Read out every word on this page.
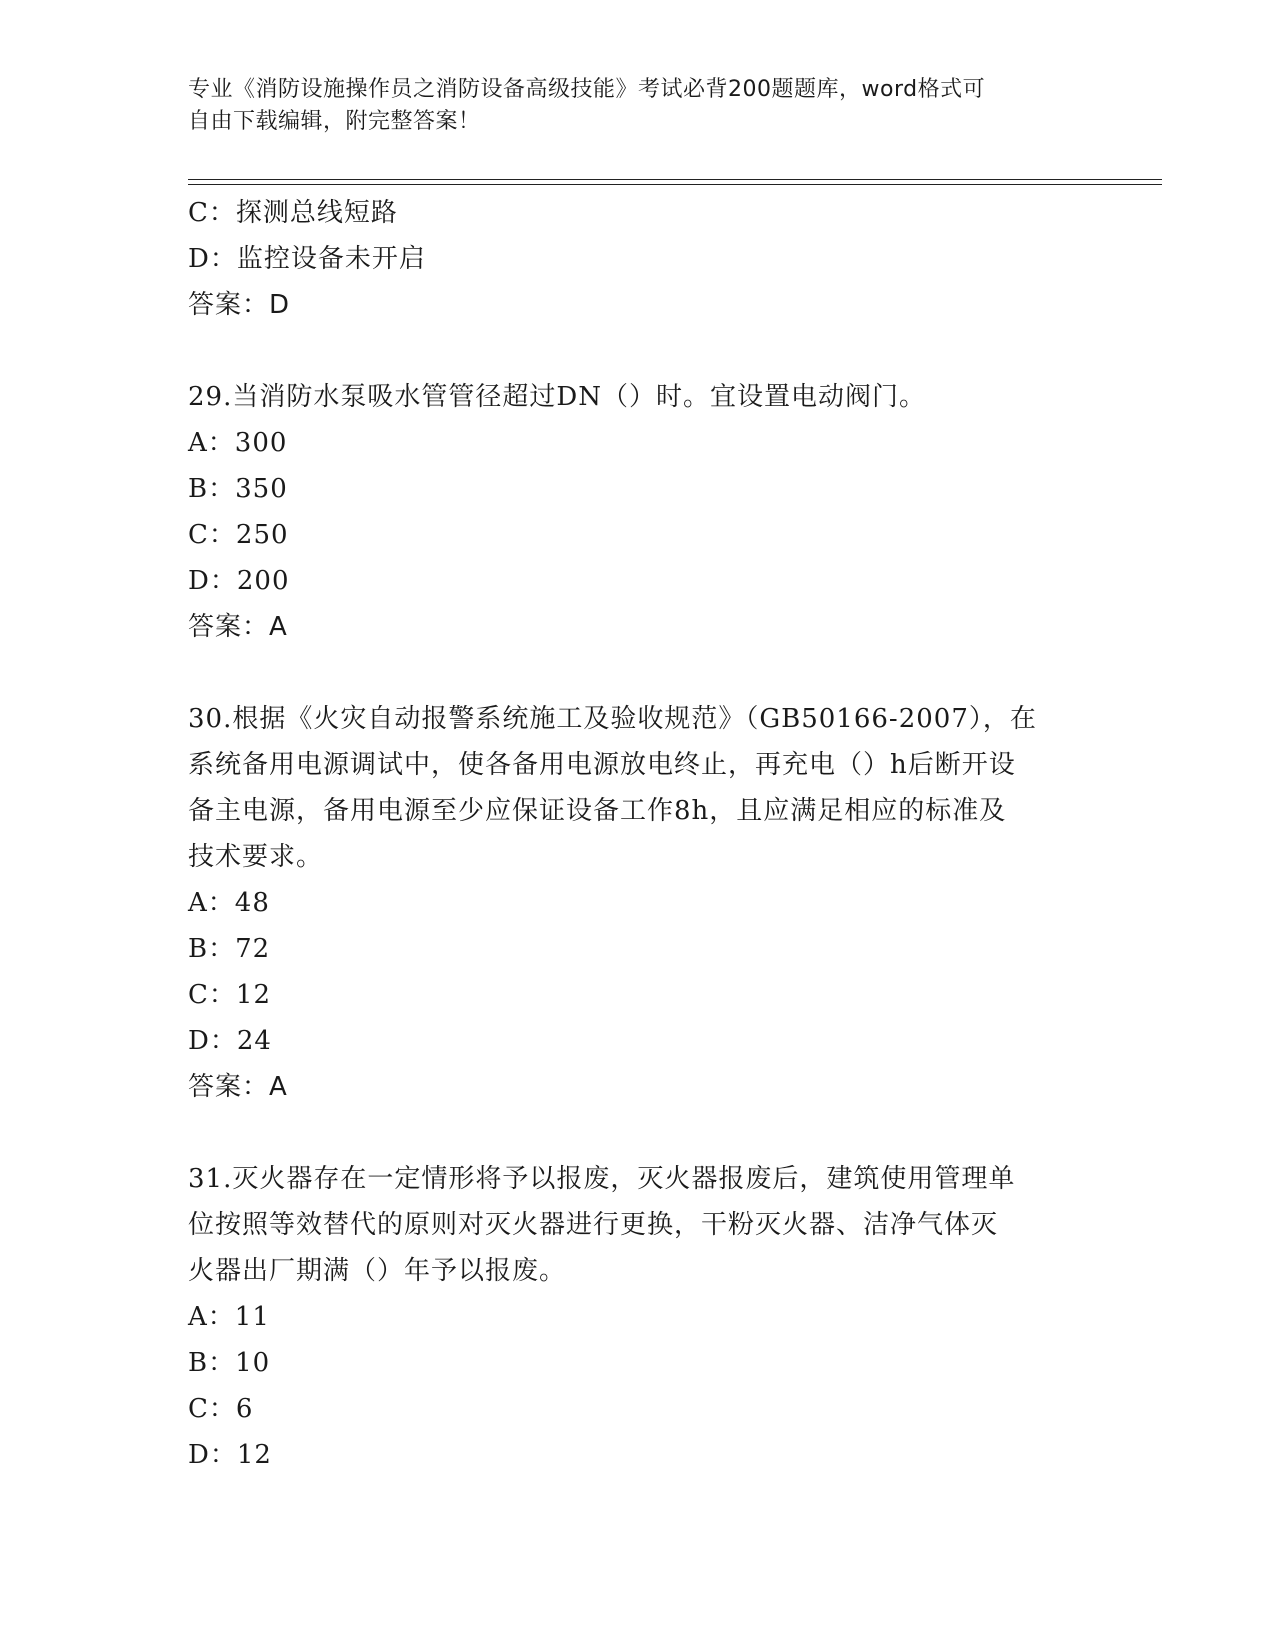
专业《消防设施操作员之消防设备高级技能》考试必背200题题库，word格式可
自由下载编辑，附完整答案！
C：探测总线短路
D：监控设备未开启
答案：D
29.当消防水泵吸水管管径超过DN（）时。宜设置电动阀门。
A：300
B：350
C：250
D：200
答案：A
30.根据《火灾自动报警系统施工及验收规范》（GB50166-2007），在
系统备用电源调试中，使各备用电源放电终止，再充电（）h后断开设
备主电源，备用电源至少应保证设备工作8h，且应满足相应的标准及
技术要求。
A：48
B：72
C：12
D：24
答案：A
31.灭火器存在一定情形将予以报废，灭火器报废后，建筑使用管理单
位按照等效替代的原则对灭火器进行更换，干粉灭火器、洁净气体灭
火器出厂期满（）年予以报废。
A：11
B：10
C：6
D：12
